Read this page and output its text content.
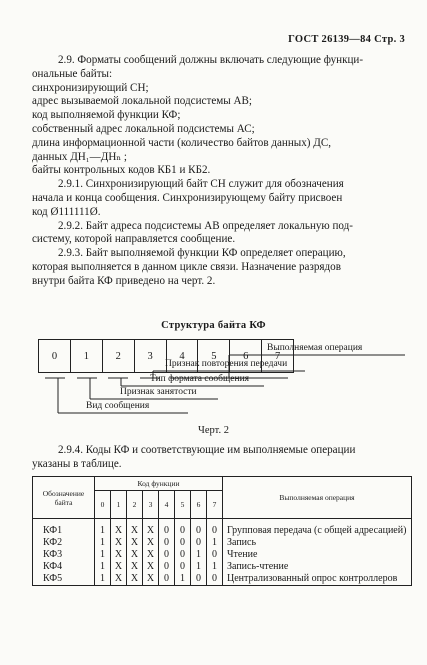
ГОСТ 26139—84 Стр. 3
2.9. Форматы сообщений должны включать следующие функци-
ональные байты:
синхронизирующий СН;
адрес вызываемой локальной подсистемы АВ;
код выполняемой функции КФ;
собственный адрес локальной подсистемы АС;
длина информационной части (количество байтов данных) ДС,
данных ДН₁—ДНₙ ;
байты контрольных кодов КБ1 и КБ2.
2.9.1. Синхронизирующий байт СН служит для обозначения
начала и конца сообщения. Синхронизирующему байту присвоен
код Ø111111Ø.
2.9.2. Байт адреса подсистемы АВ определяет локальную под-
систему, которой направляется сообщение.
2.9.3. Байт выполняемой функции КФ определяет операцию,
которая выполняется в данном цикле связи. Назначение разрядов
внутри байта КФ приведено на черт. 2.
Структура байта КФ
0	1	2	3	4	5	6	7
Выполняемая операция
Признак повторения передачи
Тип формата сообщения
Признак занятости
Вид сообщения
Черт. 2
2.9.4. Коды КФ и соответствующие им выполняемые операции
указаны в таблице.
Обозначение байта	Код функции								Выполняемая операция
	0	1	2	3	4	5	6	7	
КФ1	1	X	X	X	0	0	0	0	Групповая передача (с общей адресацией)
КФ2	1	X	X	X	0	0	0	1	Запись
КФ3	1	X	X	X	0	0	1	0	Чтение
КФ4	1	X	X	X	0	0	1	1	Запись-чтение
КФ5	1	X	X	X	0	1	0	0	Централизованный опрос контроллеров
